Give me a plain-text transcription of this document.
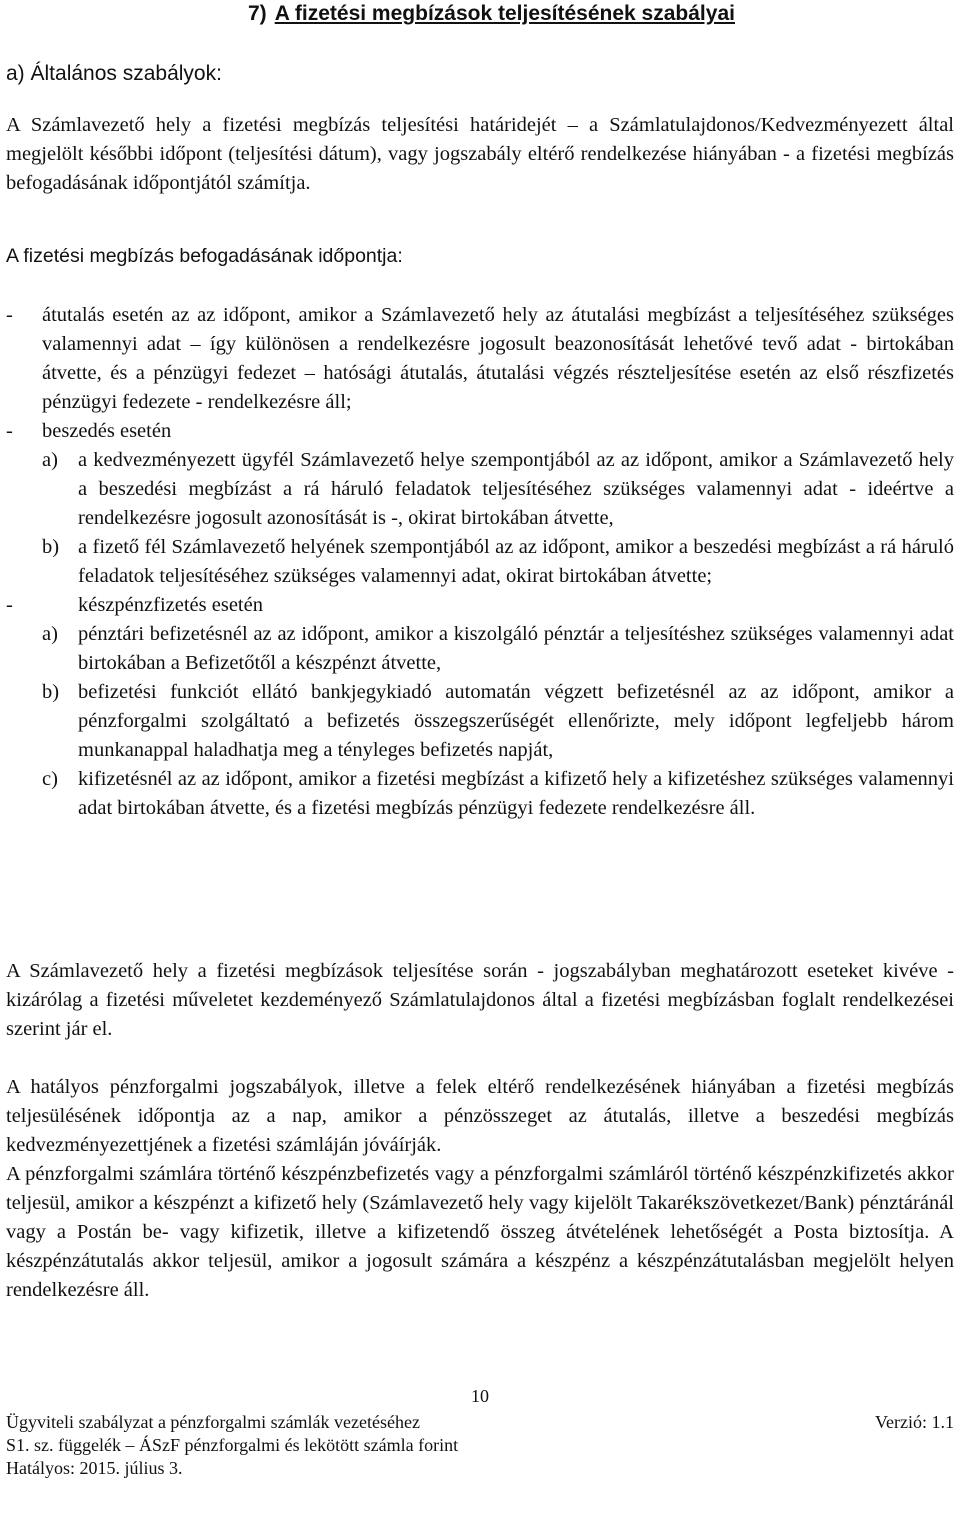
7) A fizetési megbízások teljesítésének szabályai
a) Általános szabályok:

A Számlavezető hely a fizetési megbízás teljesítési határidejét – a Számlatulajdonos/Kedvezményezett által megjelölt későbbi időpont (teljesítési dátum), vagy jogszabály eltérő rendelkezése hiányában - a fizetési megbízás befogadásának időpontjától számítja.

A fizetési megbízás befogadásának időpontja:

- átutalás esetén az az időpont, amikor a Számlavezető hely az átutalási megbízást a teljesítéséhez szükséges valamennyi adat – így különösen a rendelkezésre jogosult beazonosítását lehetővé tevő adat - birtokában átvette, és a pénzügyi fedezet – hatósági átutalás, átutalási végzés részteljesítése esetén az első részfizetés pénzügyi fedezete - rendelkezésre áll;
- beszedés esetén
a) a kedvezményezett ügyfél Számlavezető helye szempontjából az az időpont, amikor a Számlavezető hely a beszedési megbízást a rá háruló feladatok teljesítéséhez szükséges valamennyi adat - ideértve a rendelkezésre jogosult azonosítását is -, okirat birtokában átvette,
b) a fizető fél Számlavezető helyének szempontjából az az időpont, amikor a beszedési megbízást a rá háruló feladatok teljesítéséhez szükséges valamennyi adat, okirat birtokában átvette;
-	készpénzfizetés esetén
a) pénztári befizetésnél az az időpont, amikor a kiszolgáló pénztár a teljesítéshez szükséges valamennyi adat birtokában a Befizetőtől a készpénzt átvette,
b) befizetési funkciót ellátó bankjegykiadó automatán végzett befizetésnél az az időpont, amikor a pénzforgalmi szolgáltató a befizetés összegszerűségét ellenőrizte, mely időpont legfeljebb három munkanappal haladhatja meg a tényleges befizetés napját,
c) kifizetésnél az az időpont, amikor a fizetési megbízást a kifizető hely a kifizetéshez szükséges valamennyi adat birtokában átvette, és a fizetési megbízás pénzügyi fedezete rendelkezésre áll.

A Számlavezető hely a fizetési megbízások teljesítése során - jogszabályban meghatározott eseteket kivéve - kizárólag a fizetési műveletet kezdeményező Számlatulajdonos által a fizetési megbízásban foglalt rendelkezései szerint jár el.

A hatályos pénzforgalmi jogszabályok, illetve a felek eltérő rendelkezésének hiányában a fizetési megbízás teljesülésének időpontja az a nap, amikor a pénzösszeget az átutalás, illetve a beszedési megbízás kedvezményezettjének a fizetési számláján jóváírják.

A pénzforgalmi számlára történő készpénzbefizetés vagy a pénzforgalmi számláról történő készpénzkifizetés akkor teljesül, amikor a készpénzt a kifizető hely (Számlavezető hely vagy kijelölt Takarékszövetkezet/Bank) pénztáránál vagy a Postán be- vagy kifizetik, illetve a kifizetendő összeg átvételének lehetőségét a Posta biztosítja. A készpénzátutalás akkor teljesül, amikor a jogosult számára a készpénz a készpénzátutalásban megjelölt helyen rendelkezésre áll.

10
Ügyviteli szabályzat a pénzforgalmi számlák vezetéséhez	Verzió: 1.1
S1. sz. függelék – ÁSzF pénzforgalmi és lekötött számla forint
Hatályos: 2015. július 3.
